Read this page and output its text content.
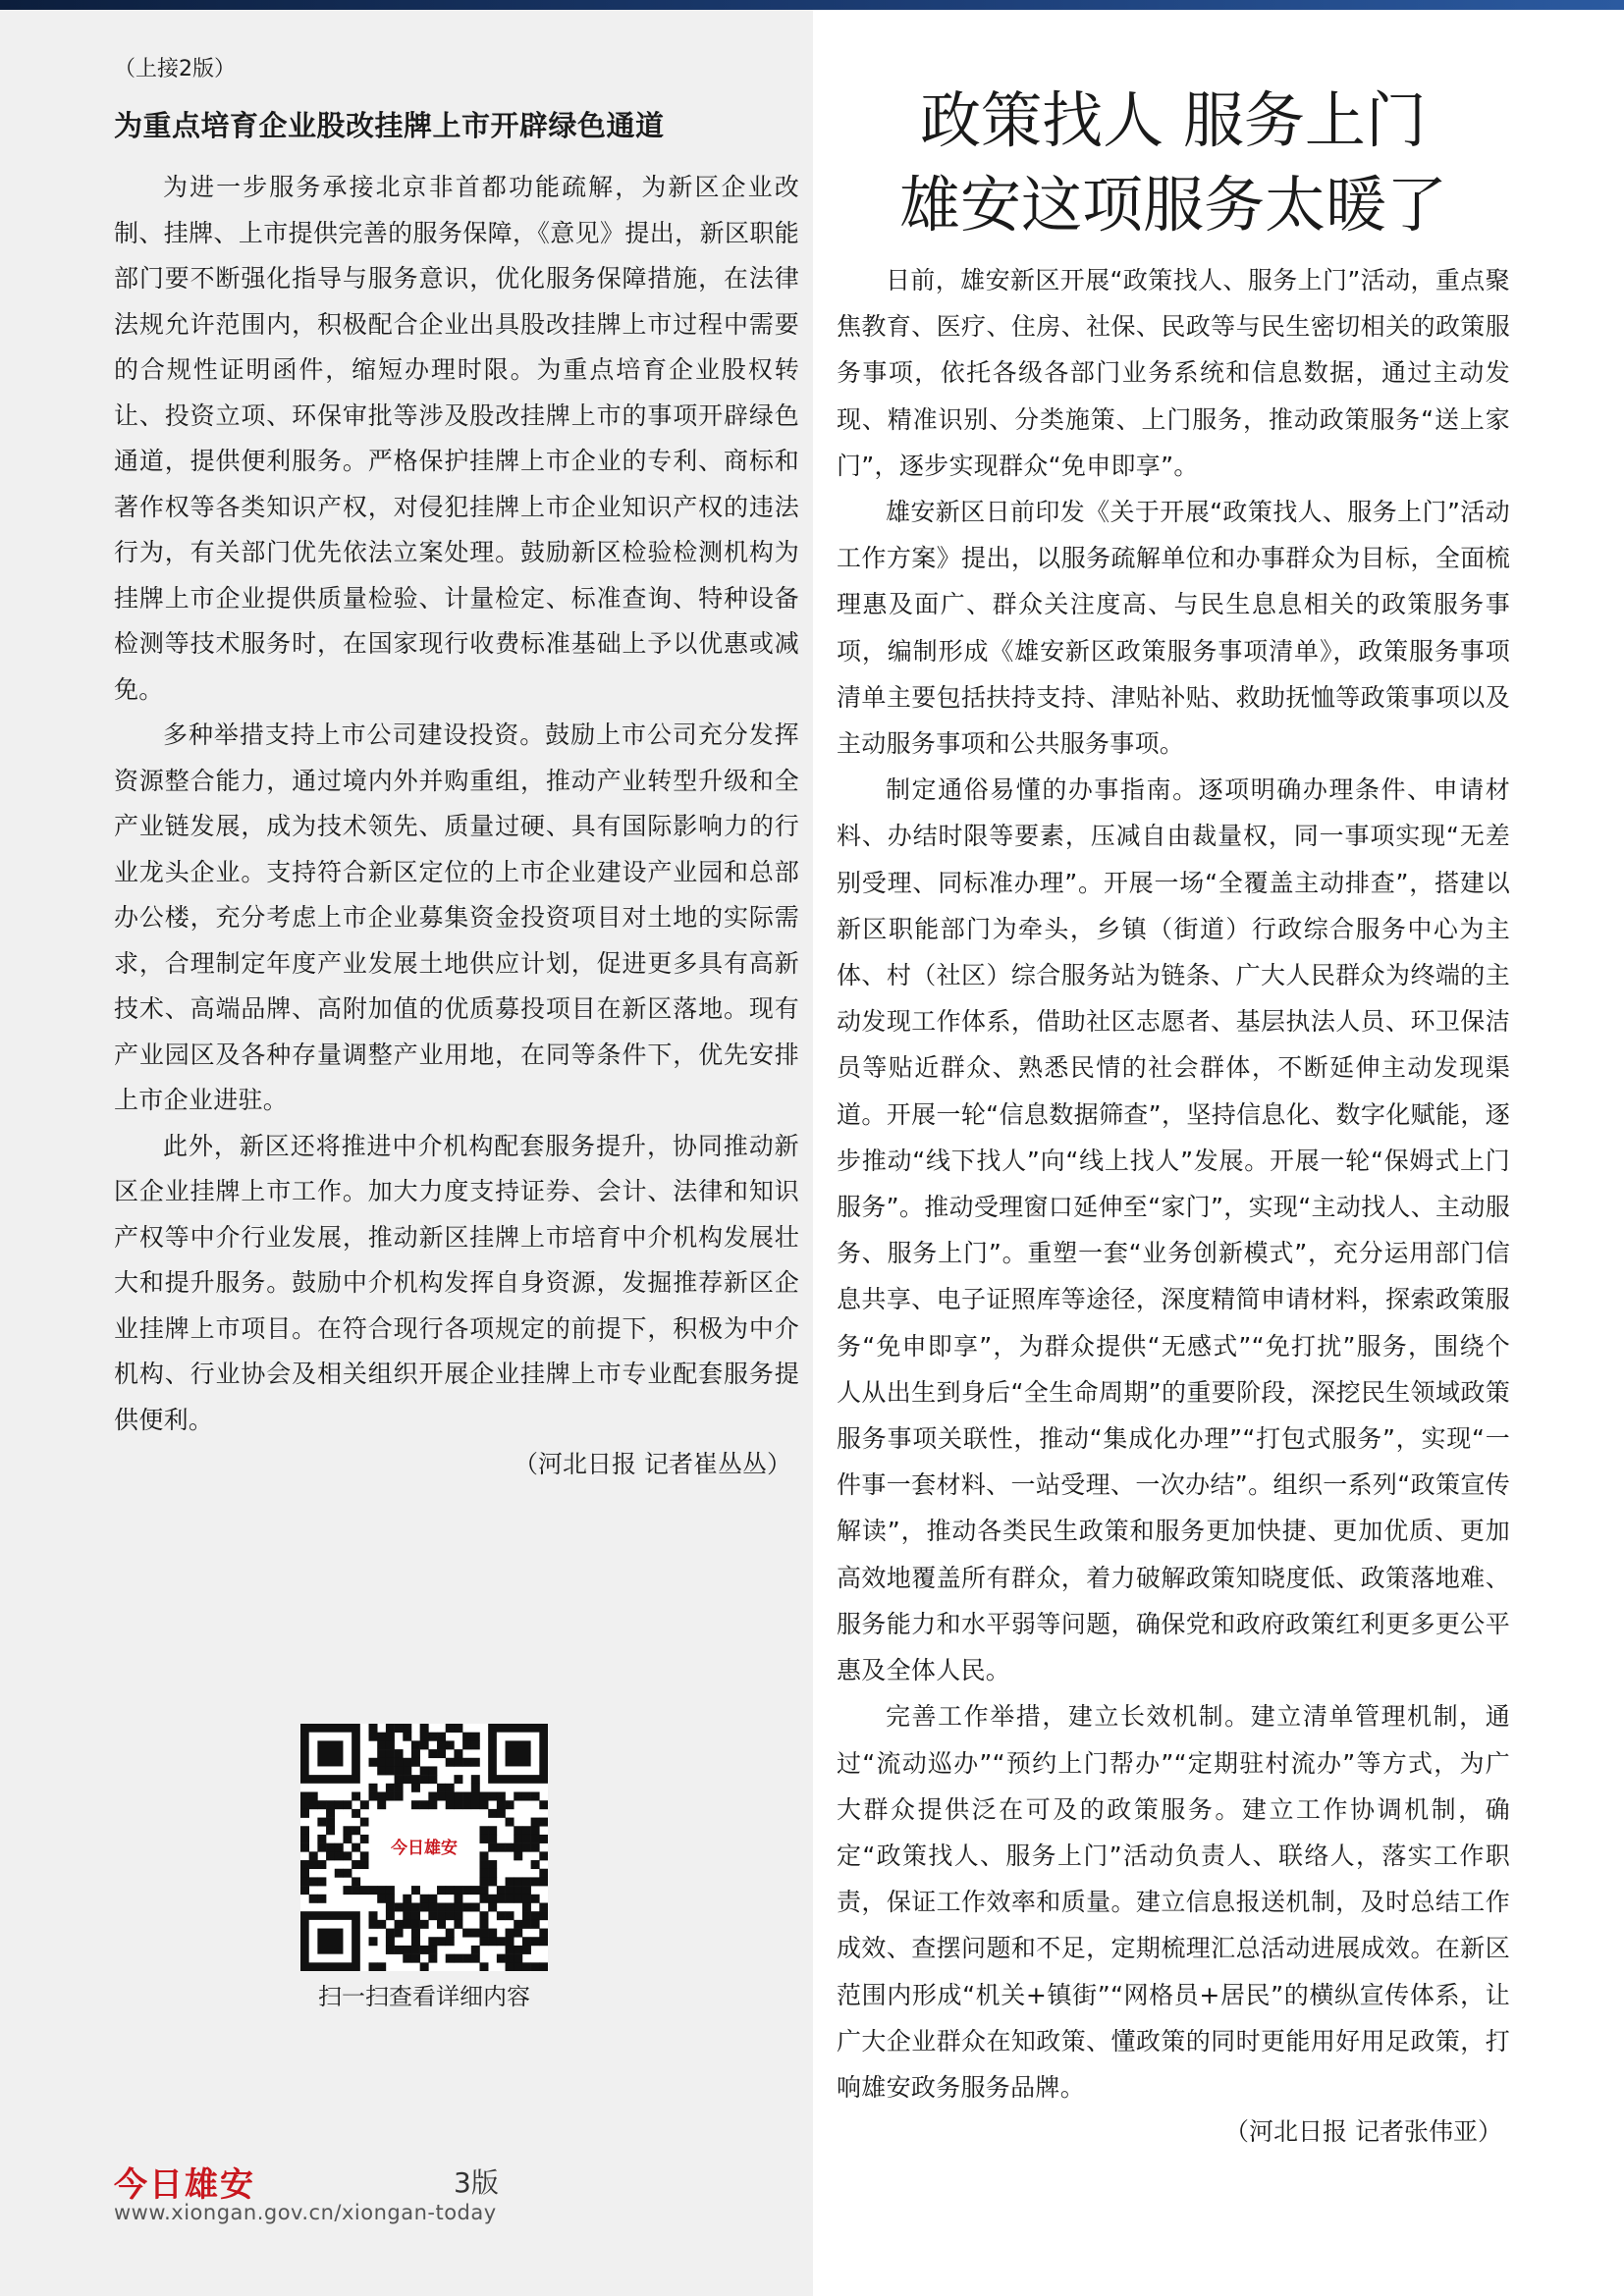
（上接2版）

为重点培育企业股改挂牌上市开辟绿色通道

为进一步服务承接北京非首都功能疏解，为新区企业改制、挂牌、上市提供完善的服务保障，《意见》提出，新区职能部门要不断强化指导与服务意识，优化服务保障措施，在法律法规允许范围内，积极配合企业出具股改挂牌上市过程中需要的合规性证明函件，缩短办理时限。为重点培育企业股权转让、投资立项、环保审批等涉及股改挂牌上市的事项开辟绿色通道，提供便利服务。严格保护挂牌上市企业的专利、商标和著作权等各类知识产权，对侵犯挂牌上市企业知识产权的违法行为，有关部门优先依法立案处理。鼓励新区检验检测机构为挂牌上市企业提供质量检验、计量检定、标准查询、特种设备检测等技术服务时，在国家现行收费标准基础上予以优惠或减免。

多种举措支持上市公司建设投资。鼓励上市公司充分发挥资源整合能力，通过境内外并购重组，推动产业转型升级和全产业链发展，成为技术领先、质量过硬、具有国际影响力的行业龙头企业。支持符合新区定位的上市企业建设产业园和总部办公楼，充分考虑上市企业募集资金投资项目对土地的实际需求，合理制定年度产业发展土地供应计划，促进更多具有高新技术、高端品牌、高附加值的优质募投项目在新区落地。现有产业园区及各种存量调整产业用地，在同等条件下，优先安排上市企业进驻。

此外，新区还将推进中介机构配套服务提升，协同推动新区企业挂牌上市工作。加大力度支持证券、会计、法律和知识产权等中介行业发展，推动新区挂牌上市培育中介机构发展壮大和提升服务。鼓励中介机构发挥自身资源，发掘推荐新区企业挂牌上市项目。在符合现行各项规定的前提下，积极为中介机构、行业协会及相关组织开展企业挂牌上市专业配套服务提供便利。

（河北日报 记者崔丛丛）

今日雄安
扫一扫查看详细内容
今日雄安	3版
www.xiongan.gov.cn/xiongan-today
政策找人 服务上门
雄安这项服务太暖了

日前，雄安新区开展“政策找人、服务上门”活动，重点聚焦教育、医疗、住房、社保、民政等与民生密切相关的政策服务事项，依托各级各部门业务系统和信息数据，通过主动发现、精准识别、分类施策、上门服务，推动政策服务“送上家门”，逐步实现群众“免申即享”。

雄安新区日前印发《关于开展“政策找人、服务上门”活动工作方案》提出，以服务疏解单位和办事群众为目标，全面梳理惠及面广、群众关注度高、与民生息息相关的政策服务事项，编制形成《雄安新区政策服务事项清单》，政策服务事项清单主要包括扶持支持、津贴补贴、救助抚恤等政策事项以及主动服务事项和公共服务事项。

制定通俗易懂的办事指南。逐项明确办理条件、申请材料、办结时限等要素，压减自由裁量权，同一事项实现“无差别受理、同标准办理”。开展一场“全覆盖主动排查”，搭建以新区职能部门为牵头，乡镇（街道）行政综合服务中心为主体、村（社区）综合服务站为链条、广大人民群众为终端的主动发现工作体系，借助社区志愿者、基层执法人员、环卫保洁员等贴近群众、熟悉民情的社会群体，不断延伸主动发现渠道。开展一轮“信息数据筛查”，坚持信息化、数字化赋能，逐步推动“线下找人”向“线上找人”发展。开展一轮“保姆式上门服务”。推动受理窗口延伸至“家门”，实现“主动找人、主动服务、服务上门”。重塑一套“业务创新模式”，充分运用部门信息共享、电子证照库等途径，深度精简申请材料，探索政策服务“免申即享”，为群众提供“无感式”“免打扰”服务，围绕个人从出生到身后“全生命周期”的重要阶段，深挖民生领域政策服务事项关联性，推动“集成化办理”“打包式服务”，实现“一件事一套材料、一站受理、一次办结”。组织一系列“政策宣传解读”，推动各类民生政策和服务更加快捷、更加优质、更加高效地覆盖所有群众，着力破解政策知晓度低、政策落地难、服务能力和水平弱等问题，确保党和政府政策红利更多更公平惠及全体人民。

完善工作举措，建立长效机制。建立清单管理机制，通过“流动巡办”“预约上门帮办”“定期驻村流办”等方式，为广大群众提供泛在可及的政策服务。建立工作协调机制，确定“政策找人、服务上门”活动负责人、联络人，落实工作职责，保证工作效率和质量。建立信息报送机制，及时总结工作成效、查摆问题和不足，定期梳理汇总活动进展成效。在新区范围内形成“机关+镇街”“网格员+居民”的横纵宣传体系，让广大企业群众在知政策、懂政策的同时更能用好用足政策，打响雄安政务服务品牌。

（河北日报 记者张伟亚）
